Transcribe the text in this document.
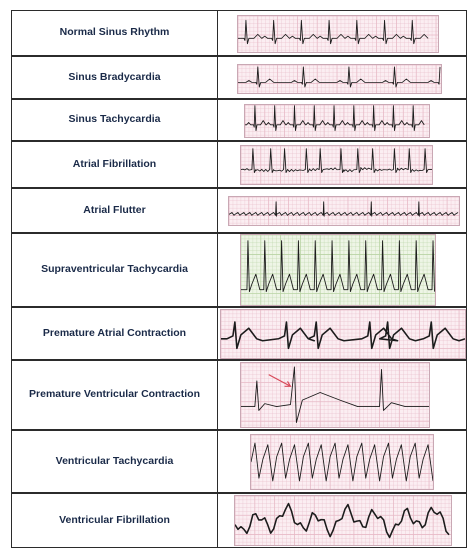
Normal Sinus Rhythm
Sinus Bradycardia
Sinus Tachycardia
Atrial Fibrillation
Atrial Flutter
Supraventricular Tachycardia
Premature Atrial Contraction
Premature Ventricular Contraction
Ventricular Tachycardia
Ventricular Fibrillation
